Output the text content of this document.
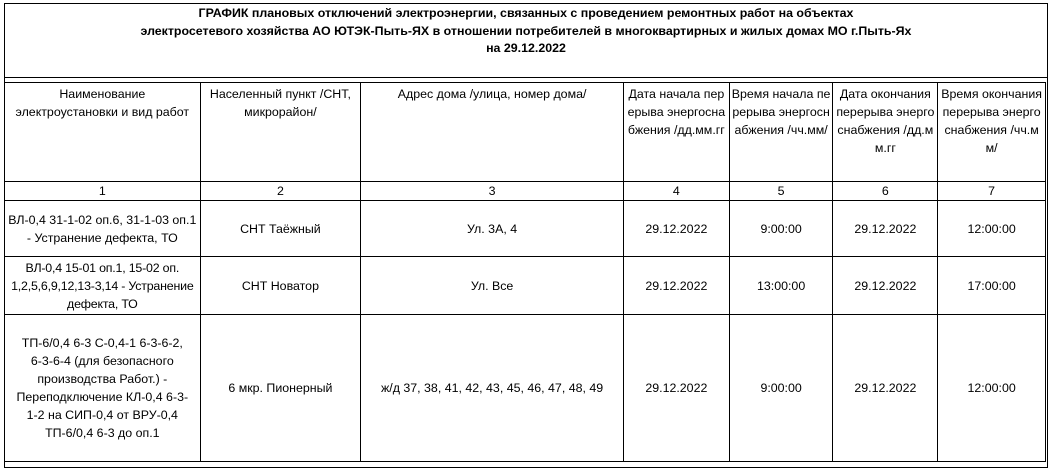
ГРАФИК плановых отключений электроэнергии, связанных с проведением ремонтных работ на объектах
электросетевого хозяйства АО ЮТЭК-Пыть-ЯХ в отношении потребителей в многоквартирных и жилых домах МО г.Пыть-Ях
на 29.12.2022
Наименование электроустановки и вид работ	Населенный пункт /СНТ, микрорайон/	Адрес дома /улица, номер дома/	Дата начала перерыва энергоснабжения /дд.мм.гг	Время начала перерыва энергоснабжения /чч.мм/	Дата окончания перерыва энергоснабжения /дд.мм.гг	Время окончания перерыва энергоснабжения /чч.мм/
1	2	3	4	5	6	7
ВЛ-0,4 31-1-02 оп.6, 31-1-03 оп.1 - Устранение дефекта, ТО	СНТ Таёжный	Ул. 3А, 4	29.12.2022	9:00:00	29.12.2022	12:00:00
ВЛ-0,4 15-01 оп.1, 15-02 оп. 1,2,5,6,9,12,13-3,14 - Устранение дефекта, ТО	СНТ Новатор	Ул. Все	29.12.2022	13:00:00	29.12.2022	17:00:00
ТП-6/0,4 6-3 С-0,4-1 6-3-6-2, 6-3-6-4 (для безопасного производства Работ.) - Переподключение КЛ-0,4 6-3-1-2 на СИП-0,4 от ВРУ-0,4 ТП-6/0,4 6-3 до оп.1	6 мкр. Пионерный	ж/д 37, 38, 41, 42, 43, 45, 46, 47, 48, 49	29.12.2022	9:00:00	29.12.2022	12:00:00
